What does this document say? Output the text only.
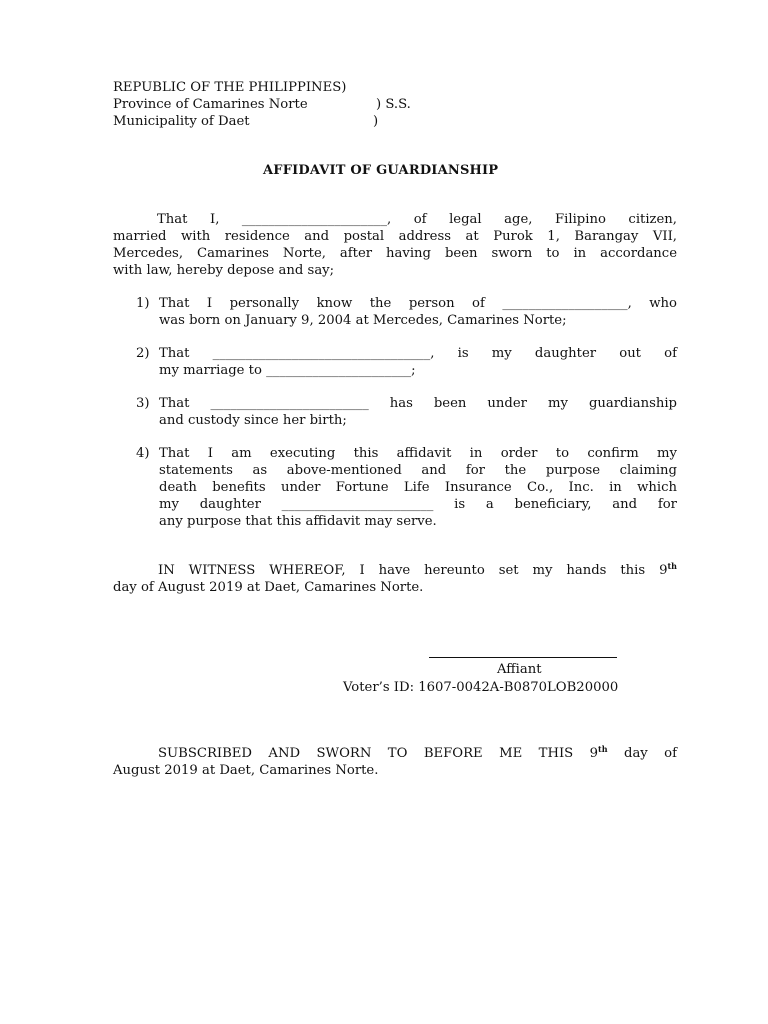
REPUBLIC OF THE PHILIPPINES)
Province of Camarines Norte	) S.S.
Municipality of Daet	)
AFFIDAVIT OF GUARDIANSHIP
That I, ______________________, of legal age, Filipino citizen,
married with residence and postal address at Purok 1, Barangay VII,
Mercedes, Camarines Norte, after having been sworn to in accordance
with law, hereby depose and say;
1) That I personally know the person of ___________________, who
was born on January 9, 2004 at Mercedes, Camarines Norte;
2) That _________________________________, is my daughter out of
my marriage to ______________________;
3) That ________________________ has been under my guardianship
and custody since her birth;
4) That I am executing this affidavit in order to confirm my
statements as above-mentioned and for the purpose claiming
death benefits under Fortune Life Insurance Co., Inc. in which
my daughter _______________________ is a beneficiary, and for
any purpose that this affidavit may serve.
IN WITNESS WHEREOF, I have hereunto set my hands this 9th
day of August 2019 at Daet, Camarines Norte.
Affiant
Voter’s ID: 1607-0042A-B0870LOB20000
SUBSCRIBED AND SWORN TO BEFORE ME THIS 9th day of
August 2019 at Daet, Camarines Norte.
